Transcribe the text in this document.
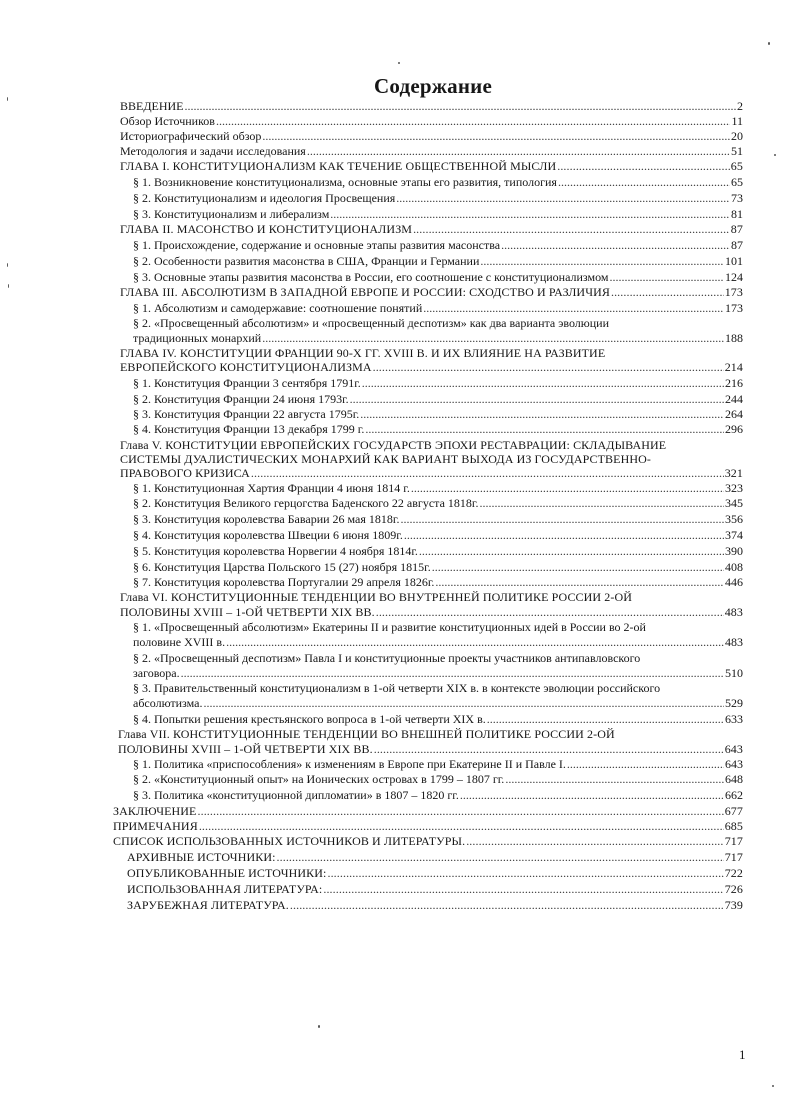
Содержание
ВВЕДЕНИЕ .....	2
Обзор Источников .....	11
Историографический обзор .....	20
Методология и задачи исследования .....	51
ГЛАВА I. КОНСТИТУЦИОНАЛИЗМ КАК ТЕЧЕНИЕ ОБЩЕСТВЕННОЙ МЫСЛИ .....	65
§ 1. Возникновение конституционализма, основные этапы его развития, типология .....	65
§ 2. Конституционализм и идеология Просвещения .....	73
§ 3. Конституционализм и либерализм .....	81
ГЛАВА II. МАСОНСТВО И КОНСТИТУЦИОНАЛИЗМ .....	87
§ 1. Происхождение, содержание и основные этапы развития масонства .....	87
§ 2. Особенности развития масонства в США, Франции и Германии .....	101
§ 3. Основные этапы развития масонства в России, его соотношение с конституционализмом .....	124
ГЛАВА III. АБСОЛЮТИЗМ В ЗАПАДНОЙ ЕВРОПЕ И РОССИИ: СХОДСТВО И РАЗЛИЧИЯ .....	173
§ 1. Абсолютизм и самодержавие: соотношение понятий .....	173
§ 2. «Просвещенный абсолютизм» и «просвещенный деспотизм» как два варианта эволюции
традиционных монархий .....	188
ГЛАВА IV. КОНСТИТУЦИИ ФРАНЦИИ 90-Х ГГ. XVIII В. И ИХ ВЛИЯНИЕ НА РАЗВИТИЕ
ЕВРОПЕЙСКОГО КОНСТИТУЦИОНАЛИЗМА .....	214
§ 1. Конституция Франции 3 сентября 1791г. .....	216
§ 2. Конституция Франции 24 июня 1793г. .....	244
§ 3. Конституция Франции 22 августа 1795г. .....	264
§ 4. Конституция Франции 13 декабря 1799 г. .....	296
Глава V. КОНСТИТУЦИИ ЕВРОПЕЙСКИХ ГОСУДАРСТВ ЭПОХИ РЕСТАВРАЦИИ: СКЛАДЫВАНИЕ
СИСТЕМЫ ДУАЛИСТИЧЕСКИХ МОНАРХИЙ КАК ВАРИАНТ ВЫХОДА ИЗ ГОСУДАРСТВЕННО-
ПРАВОВОГО КРИЗИСА .....	321
§ 1. Конституционная Хартия Франции 4 июня 1814 г. .....	323
§ 2. Конституция Великого герцогства Баденского 22 августа 1818г. .....	345
§ 3. Конституция королевства Баварии 26 мая 1818г. .....	356
§ 4. Конституция королевства Швеции 6 июня 1809г. .....	374
§ 5. Конституция королевства Норвегии 4 ноября 1814г. .....	390
§ 6. Конституция Царства Польского 15 (27) ноября 1815г. .....	408
§ 7. Конституция королевства Португалии 29 апреля 1826г. .....	446
Глава VI. КОНСТИТУЦИОННЫЕ ТЕНДЕНЦИИ ВО ВНУТРЕННЕЙ ПОЛИТИКЕ РОССИИ 2-ОЙ
ПОЛОВИНЫ XVIII – 1-ОЙ ЧЕТВЕРТИ XIX ВВ. .....	483
§ 1. «Просвещенный абсолютизм» Екатерины II и развитие конституционных идей в России во 2-ой
половине XVIII в. .....	483
§ 2. «Просвещенный деспотизм» Павла I и конституционные проекты участников антипавловского
заговора. .....	510
§ 3. Правительственный конституционализм в 1-ой четверти XIX в. в контексте эволюции российского
абсолютизма. .....	529
§ 4. Попытки решения крестьянского вопроса в 1-ой четверти XIX в. .....	633
Глава VII. КОНСТИТУЦИОННЫЕ ТЕНДЕНЦИИ ВО ВНЕШНЕЙ ПОЛИТИКЕ РОССИИ 2-ОЙ
ПОЛОВИНЫ XVIII – 1-ОЙ ЧЕТВЕРТИ XIX ВВ. .....	643
§ 1. Политика «приспособления» к изменениям в Европе при Екатерине II и Павле I. .....	643
§ 2. «Конституционный опыт» на Ионических островах в 1799 – 1807 гг. .....	648
§ 3. Политика «конституционной дипломатии» в 1807 – 1820 гг. .....	662
ЗАКЛЮЧЕНИЕ .....	677
ПРИМЕЧАНИЯ .....	685
СПИСОК ИСПОЛЬЗОВАННЫХ ИСТОЧНИКОВ И ЛИТЕРАТУРЫ. .....	717
АРХИВНЫЕ ИСТОЧНИКИ: .....	717
ОПУБЛИКОВАННЫЕ ИСТОЧНИКИ: .....	722
ИСПОЛЬЗОВАННАЯ ЛИТЕРАТУРА: .....	726
ЗАРУБЕЖНАЯ ЛИТЕРАТУРА. .....	739
1
